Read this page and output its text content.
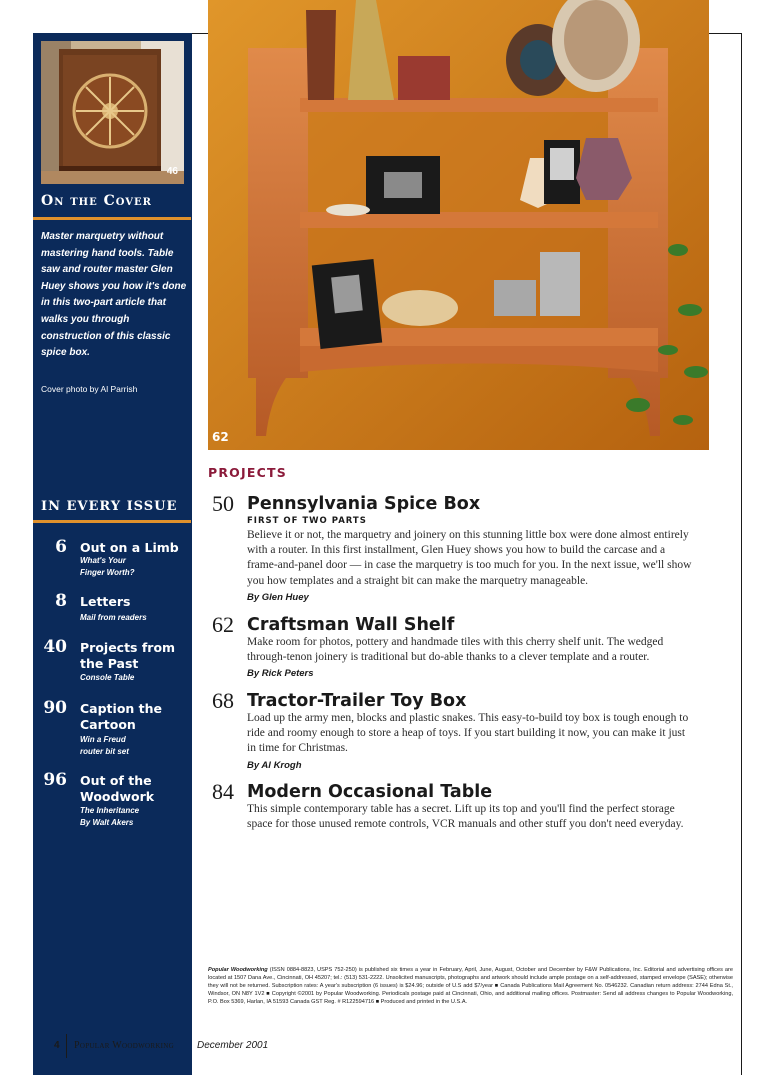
46
On the Cover
Master marquetry without mastering hand tools. Table saw and router master Glen Huey shows you how it's done in this two-part article that walks you through construction of this classic spice box.
Cover photo by Al Parrish
IN EVERY ISSUE
6 Out on a Limb
What's Your Finger Worth?
8 Letters
Mail from readers
40 Projects from the Past
Console Table
90 Caption the Cartoon
Win a Freud router bit set
96 Out of the Woodwork
The Inheritance
By Walt Akers
62
PROJECTS
50 Pennsylvania Spice Box
FIRST OF TWO PARTS
Believe it or not, the marquetry and joinery on this stunning little box were done almost entirely with a router. In this first installment, Glen Huey shows you how to build the carcase and a frame-and-panel door — in case the marquetry is too much for you. In the next issue, we'll show you how templates and a straight bit can make the marquetry manageable.
By Glen Huey
62 Craftsman Wall Shelf
Make room for photos, pottery and handmade tiles with this cherry shelf unit. The wedged through-tenon joinery is traditional but do-able thanks to a clever template and a router.
By Rick Peters
68 Tractor-Trailer Toy Box
Load up the army men, blocks and plastic snakes. This easy-to-build toy box is tough enough to ride and roomy enough to store a heap of toys. If you start building it now, you can make it just in time for Christmas.
By Al Krogh
84 Modern Occasional Table
This simple contemporary table has a secret. Lift up its top and you'll find the perfect storage space for those unused remote controls, VCR manuals and other stuff you don't need everyday.
Popular Woodworking (ISSN 0884-8823, USPS 752-250) is published six times a year in February, April, June, August, October and December by F&W Publications, Inc. Editorial and advertising offices are located at 1507 Dana Ave., Cincinnati, OH 45207; tel.: (513) 531-2222. Unsolicited manuscripts, photographs and artwork should include ample postage on a self-addressed, stamped envelope (SASE); otherwise they will not be returned. Subscription rates: A year's subscription (6 issues) is $24.96; outside of U.S add $7/year ■ Canada Publications Mail Agreement No. 0546232. Canadian return address: 2744 Edna St., Windsor, ON N8Y 1V2 ■ Copyright ©2001 by Popular Woodworking. Periodicals postage paid at Cincinnati, Ohio, and additional mailing offices. Postmaster: Send all address changes to Popular Woodworking, P.O. Box 5369, Harlan, IA 51593 Canada GST Reg. # R122594716 ■ Produced and printed in the U.S.A.
4 Popular Woodworking December 2001
